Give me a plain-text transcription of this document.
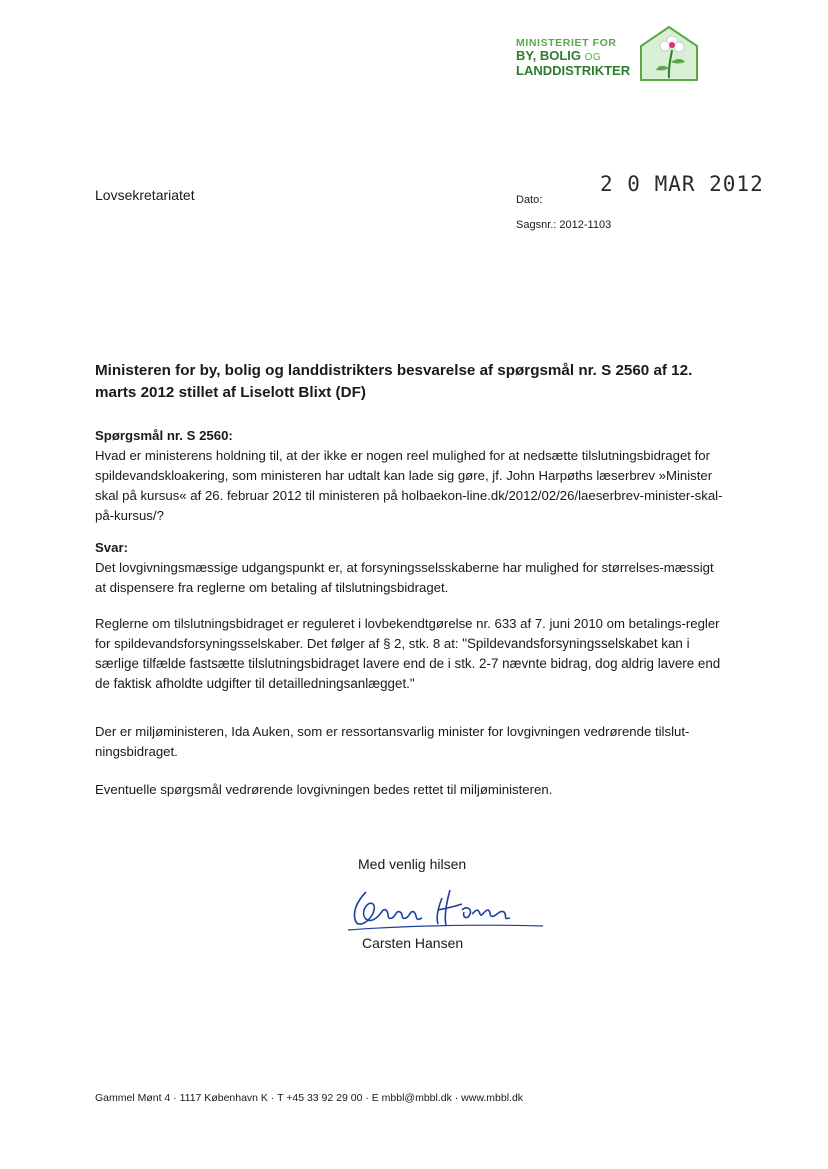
MINISTERIET FOR
BY, BOLIG OG
LANDDISTRIKTER
Lovsekretariatet	Dato:
2 0 MAR 2012
Sagsnr.: 2012-1103
Ministeren for by, bolig og landdistrikters besvarelse af spørgsmål nr. S 2560 af 12. marts 2012 stillet af Liselott Blixt (DF)
Spørgsmål nr. S 2560:
Hvad er ministerens holdning til, at der ikke er nogen reel mulighed for at nedsætte tilslutningsbidraget for spildevandskloakering, som ministeren har udtalt kan lade sig gøre, jf. John Harpøths læserbrev »Minister skal på kursus« af 26. februar 2012 til ministeren på holbaekon-line.dk/2012/02/26/laeserbrev-minister-skal-på-kursus/?
Svar:
Det lovgivningsmæssige udgangspunkt er, at forsyningsselsskaberne har mulighed for størrelses-mæssigt at dispensere fra reglerne om betaling af tilslutningsbidraget.
Reglerne om tilslutningsbidraget er reguleret i lovbekendtgørelse nr. 633 af 7. juni 2010 om betalings-regler for spildevandsforsyningsselskaber. Det følger af § 2, stk. 8 at: "Spildevandsforsyningsselskabet kan i særlige tilfælde fastsætte tilslutningsbidraget lavere end de i stk. 2-7 nævnte bidrag, dog aldrig lavere end de faktisk afholdte udgifter til detailledningsanlægget."
Der er miljøministeren, Ida Auken, som er ressortansvarlig minister for lovgivningen vedrørende tilslut-ningsbidraget.
Eventuelle spørgsmål vedrørende lovgivningen bedes rettet til miljøministeren.
Med venlig hilsen
Carsten Hansen
Gammel Mønt 4 · 1117 København K · T +45 33 92 29 00 · E mbbl@mbbl.dk · www.mbbl.dk
